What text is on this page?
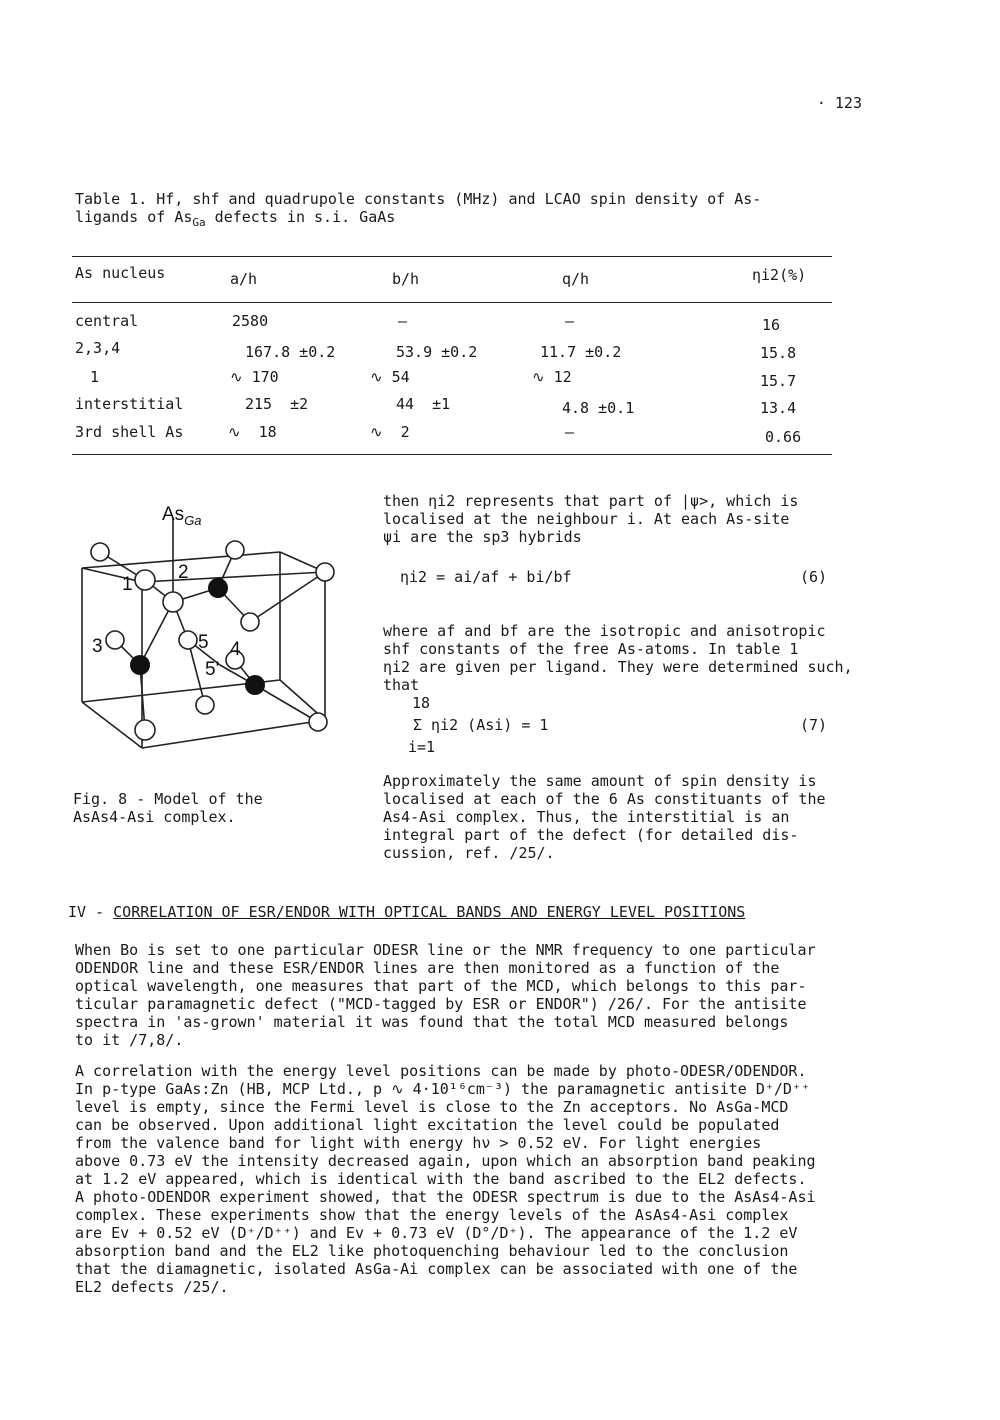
· 123
Table 1. Hf, shf and quadrupole constants (MHz) and LCAO spin density of As-
ligands of $As_{Ga}$ defects in s.i. GaAs
As nucleus	a/h	b/h	q/h	ηi2(%)
central	2580	—	—	16
2,3,4	167.8 ±0.2	53.9 ±0.2	11.7 ±0.2	15.8
1	∿ 170	∿ 54	∿ 12	15.7
interstitial	215  ±2	44  ±1	4.8 ±0.1	13.4
3rd shell As	∿  18	∿  2	—	0.66
$As_{Ga}$
1
2
3	4
5
5'
Fig. 8 - Model of the
AsAs4-Asi complex.
then ηi2 represents that part of |ψ>, which is
localised at the neighbour i. At each As-site
ψi are the sp3 hybrids
ηi2 = ai/af + bi/bf	(6)
where af and bf are the isotropic and anisotropic
shf constants of the free As-atoms. In table 1
ηi2 are given per ligand. They were determined such,
that
18
Σ ηi2 (Asi) = 1
i=1
(7)
Approximately the same amount of spin density is
localised at each of the 6 As constituants of the
As4-Asi complex. Thus, the interstitial is an
integral part of the defect (for detailed dis-
cussion, ref. /25/.
IV - CORRELATION OF ESR/ENDOR WITH OPTICAL BANDS AND ENERGY LEVEL POSITIONS
When Bo is set to one particular ODESR line or the NMR frequency to one particular
ODENDOR line and these ESR/ENDOR lines are then monitored as a function of the
optical wavelength, one measures that part of the MCD, which belongs to this par-
ticular paramagnetic defect ("MCD-tagged by ESR or ENDOR") /26/. For the antisite
spectra in 'as-grown' material it was found that the total MCD measured belongs
to it /7,8/.
A correlation with the energy level positions can be made by photo-ODESR/ODENDOR.
In p-type GaAs:Zn (HB, MCP Ltd., p ∿ 4·10¹⁶cm⁻³) the paramagnetic antisite D⁺/D⁺⁺
level is empty, since the Fermi level is close to the Zn acceptors. No AsGa-MCD
can be observed. Upon additional light excitation the level could be populated
from the valence band for light with energy hν > 0.52 eV. For light energies
above 0.73 eV the intensity decreased again, upon which an absorption band peaking
at 1.2 eV appeared, which is identical with the band ascribed to the EL2 defects.
A photo-ODENDOR experiment showed, that the ODESR spectrum is due to the AsAs4-Asi
complex. These experiments show that the energy levels of the AsAs4-Asi complex
are Ev + 0.52 eV (D⁺/D⁺⁺) and Ev + 0.73 eV (D°/D⁺). The appearance of the 1.2 eV
absorption band and the EL2 like photoquenching behaviour led to the conclusion
that the diamagnetic, isolated AsGa-Ai complex can be associated with one of the
EL2 defects /25/.
